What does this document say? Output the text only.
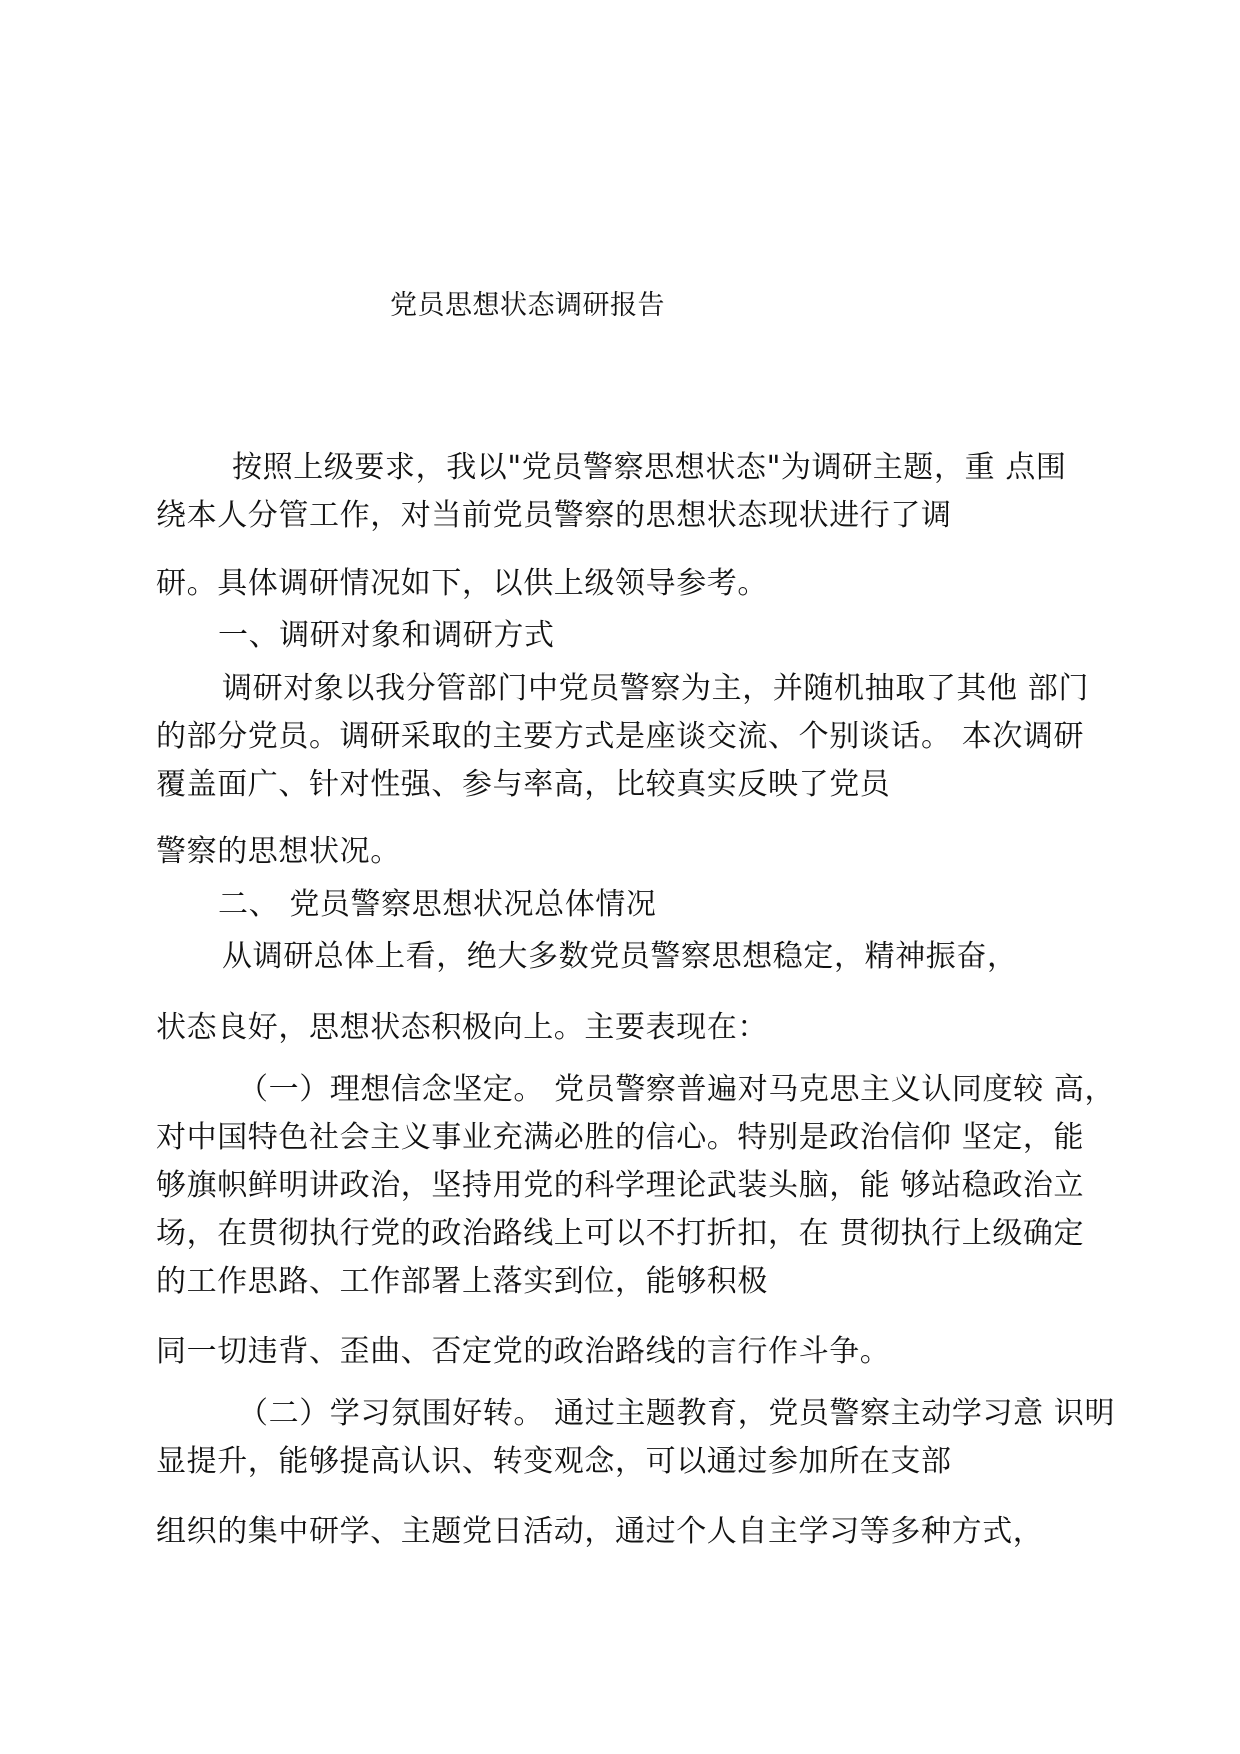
党员思想状态调研报告
按照上级要求，我以"党员警察思想状态"为调研主题，重 点围
绕本人分管工作，对当前党员警察的思想状态现状进行了调
研。具体调研情况如下，以供上级领导参考。
一、调研对象和调研方式
调研对象以我分管部门中党员警察为主，并随机抽取了其他 部门
的部分党员。调研采取的主要方式是座谈交流、个别谈话。 本次调研
覆盖面广、针对性强、参与率高，比较真实反映了党员
警察的思想状况。
二、 党员警察思想状况总体情况
从调研总体上看，绝大多数党员警察思想稳定，精神振奋，
状态良好，思想状态积极向上。主要表现在：
（一）理想信念坚定。 党员警察普遍对马克思主义认同度较 高，
对中国特色社会主义事业充满必胜的信心。特别是政治信仰 坚定，能
够旗帜鲜明讲政治，坚持用党的科学理论武装头脑，能 够站稳政治立
场，在贯彻执行党的政治路线上可以不打折扣，在 贯彻执行上级确定
的工作思路、工作部署上落实到位，能够积极
同一切违背、歪曲、否定党的政治路线的言行作斗争。
（二）学习氛围好转。 通过主题教育，党员警察主动学习意 识明
显提升，能够提高认识、转变观念，可以通过参加所在支部
组织的集中研学、主题党日活动，通过个人自主学习等多种方式，
